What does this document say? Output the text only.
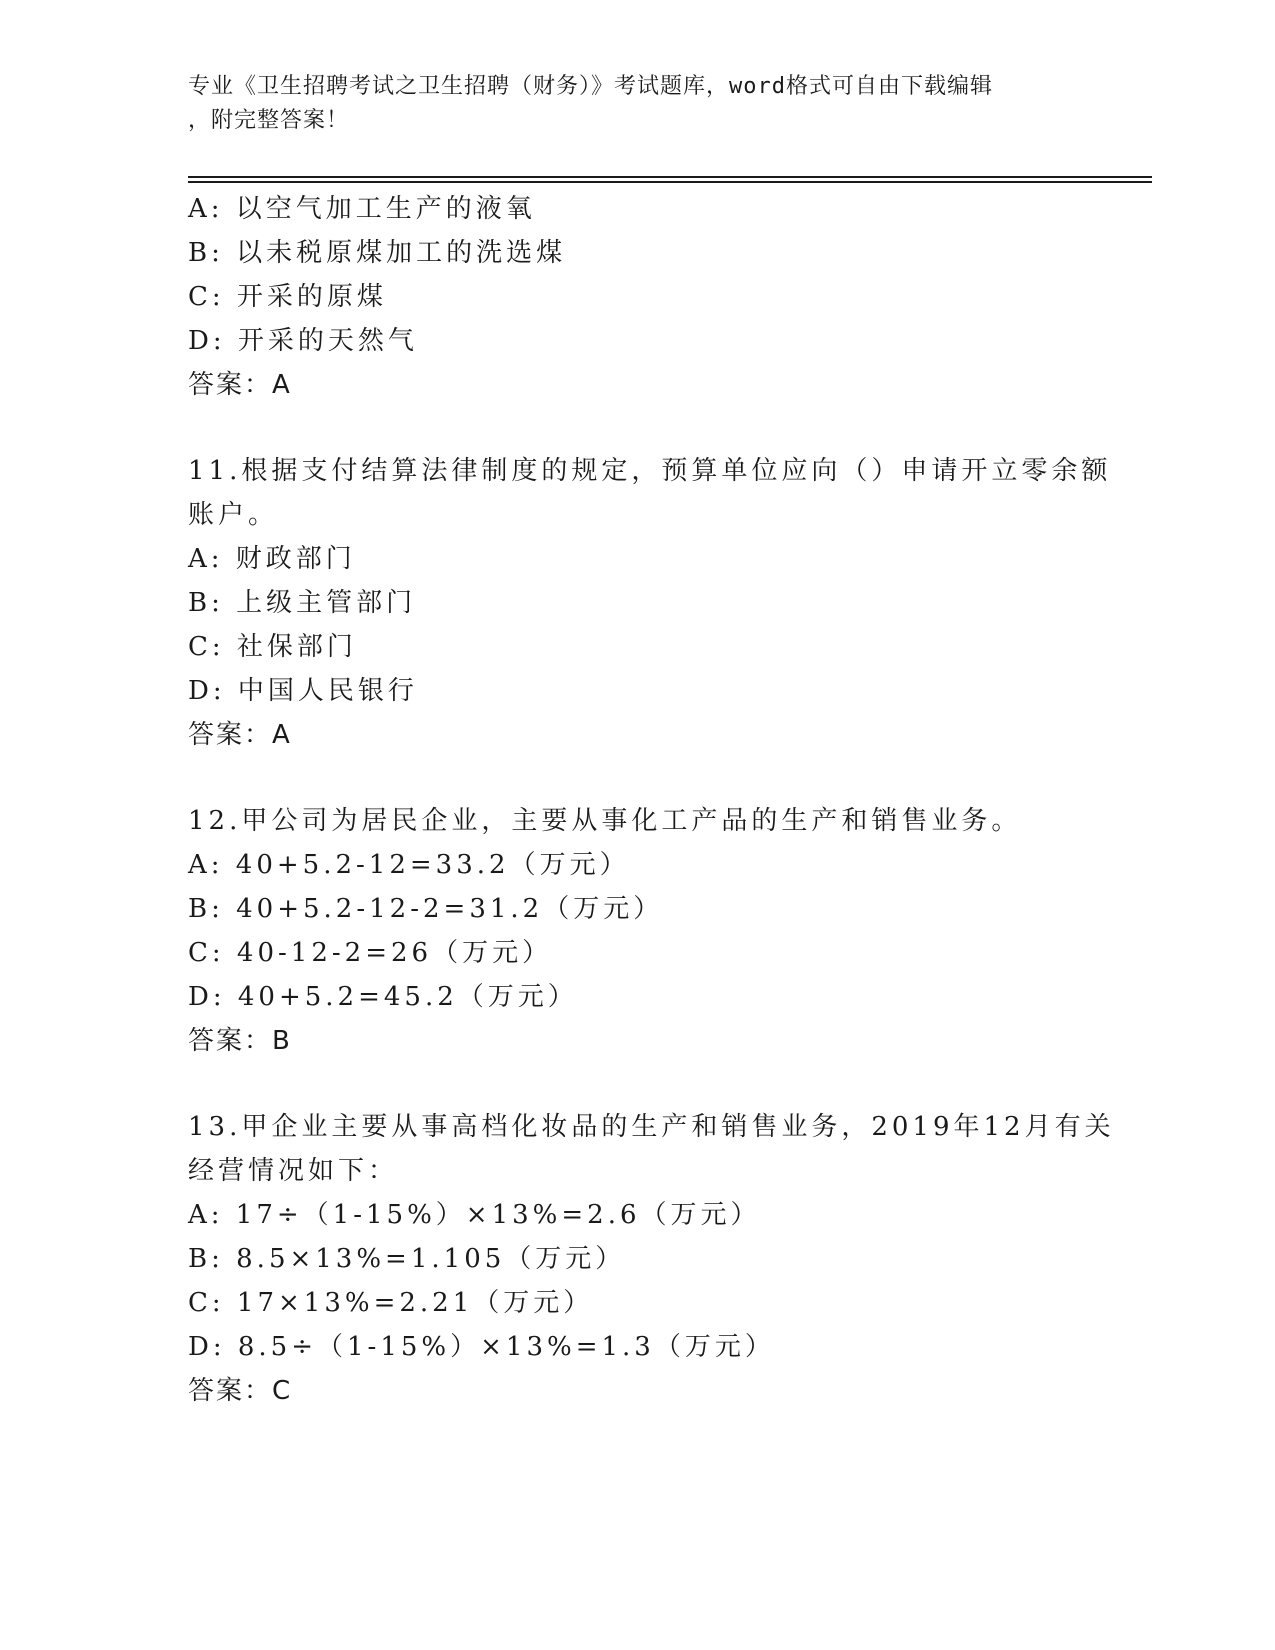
专业《卫生招聘考试之卫生招聘（财务）》考试题库，word格式可自由下载编辑
，附完整答案！
A: 以空气加工生产的液氧
B: 以未税原煤加工的洗选煤
C: 开采的原煤
D: 开采的天然气
答案：A
11.根据支付结算法律制度的规定，预算单位应向（）申请开立零余额
账户。
A: 财政部门
B: 上级主管部门
C: 社保部门
D: 中国人民银行
答案：A
12.甲公司为居民企业，主要从事化工产品的生产和销售业务。
A: 40+5.2-12=33.2（万元）
B: 40+5.2-12-2=31.2（万元）
C: 40-12-2=26（万元）
D: 40+5.2=45.2（万元）
答案：B
13.甲企业主要从事高档化妆品的生产和销售业务，2019年12月有关
经营情况如下：
A: 17÷（1-15%）×13%=2.6（万元）
B: 8.5×13%=1.105（万元）
C: 17×13%=2.21（万元）
D: 8.5÷（1-15%）×13%=1.3（万元）
答案：C
